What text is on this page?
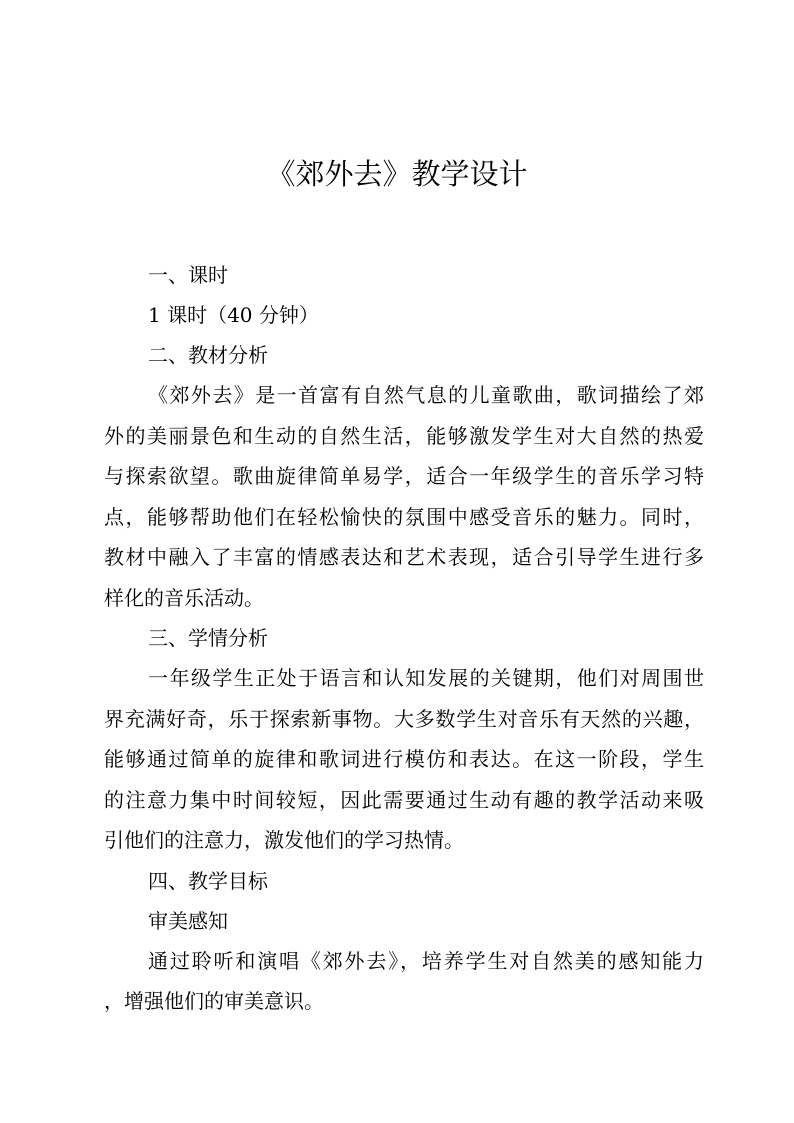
《郊外去》教学设计
一、课时
1 课时（40 分钟）
二、教材分析
《郊外去》是一首富有自然气息的儿童歌曲，歌词描绘了郊
外的美丽景色和生动的自然生活，能够激发学生对大自然的热爱
与探索欲望。歌曲旋律简单易学，适合一年级学生的音乐学习特
点，能够帮助他们在轻松愉快的氛围中感受音乐的魅力。同时，
教材中融入了丰富的情感表达和艺术表现，适合引导学生进行多
样化的音乐活动。
三、学情分析
一年级学生正处于语言和认知发展的关键期，他们对周围世
界充满好奇，乐于探索新事物。大多数学生对音乐有天然的兴趣，
能够通过简单的旋律和歌词进行模仿和表达。在这一阶段，学生
的注意力集中时间较短，因此需要通过生动有趣的教学活动来吸
引他们的注意力，激发他们的学习热情。
四、教学目标
审美感知
通过聆听和演唱《郊外去》，培养学生对自然美的感知能力
，增强他们的审美意识。
